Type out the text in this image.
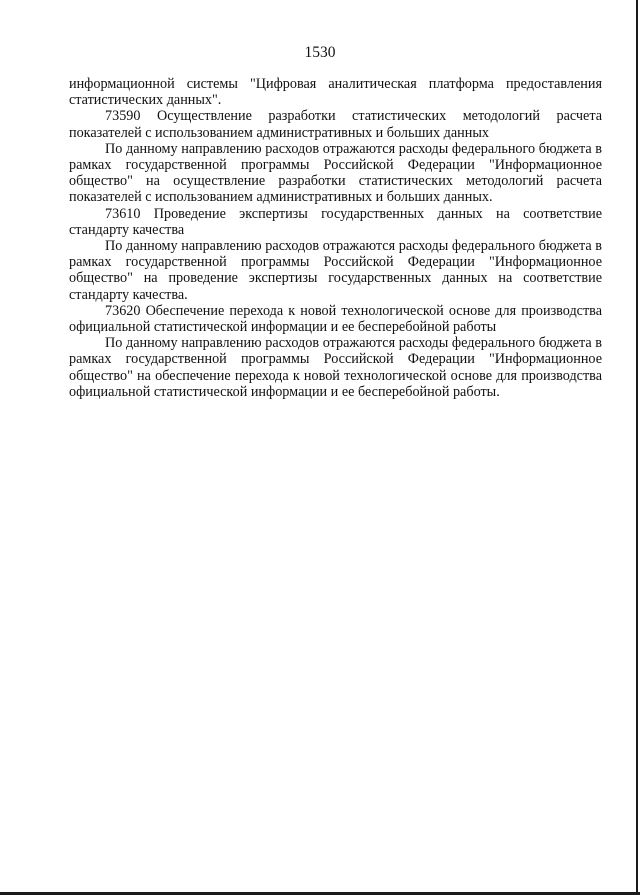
1530

информационной системы "Цифровая аналитическая платформа предоставления статистических данных".

73590 Осуществление разработки статистических методологий расчета показателей с использованием административных и больших данных

По данному направлению расходов отражаются расходы федерального бюджета в рамках государственной программы Российской Федерации "Информационное общество" на осуществление разработки статистических методологий расчета показателей с использованием административных и больших данных.

73610 Проведение экспертизы государственных данных на соответствие стандарту качества

По данному направлению расходов отражаются расходы федерального бюджета в рамках государственной программы Российской Федерации "Информационное общество" на проведение экспертизы государственных данных на соответствие стандарту качества.

73620 Обеспечение перехода к новой технологической основе для производства официальной статистической информации и ее бесперебойной работы

По данному направлению расходов отражаются расходы федерального бюджета в рамках государственной программы Российской Федерации "Информационное общество" на обеспечение перехода к новой технологической основе для производства официальной статистической информации и ее бесперебойной работы.
